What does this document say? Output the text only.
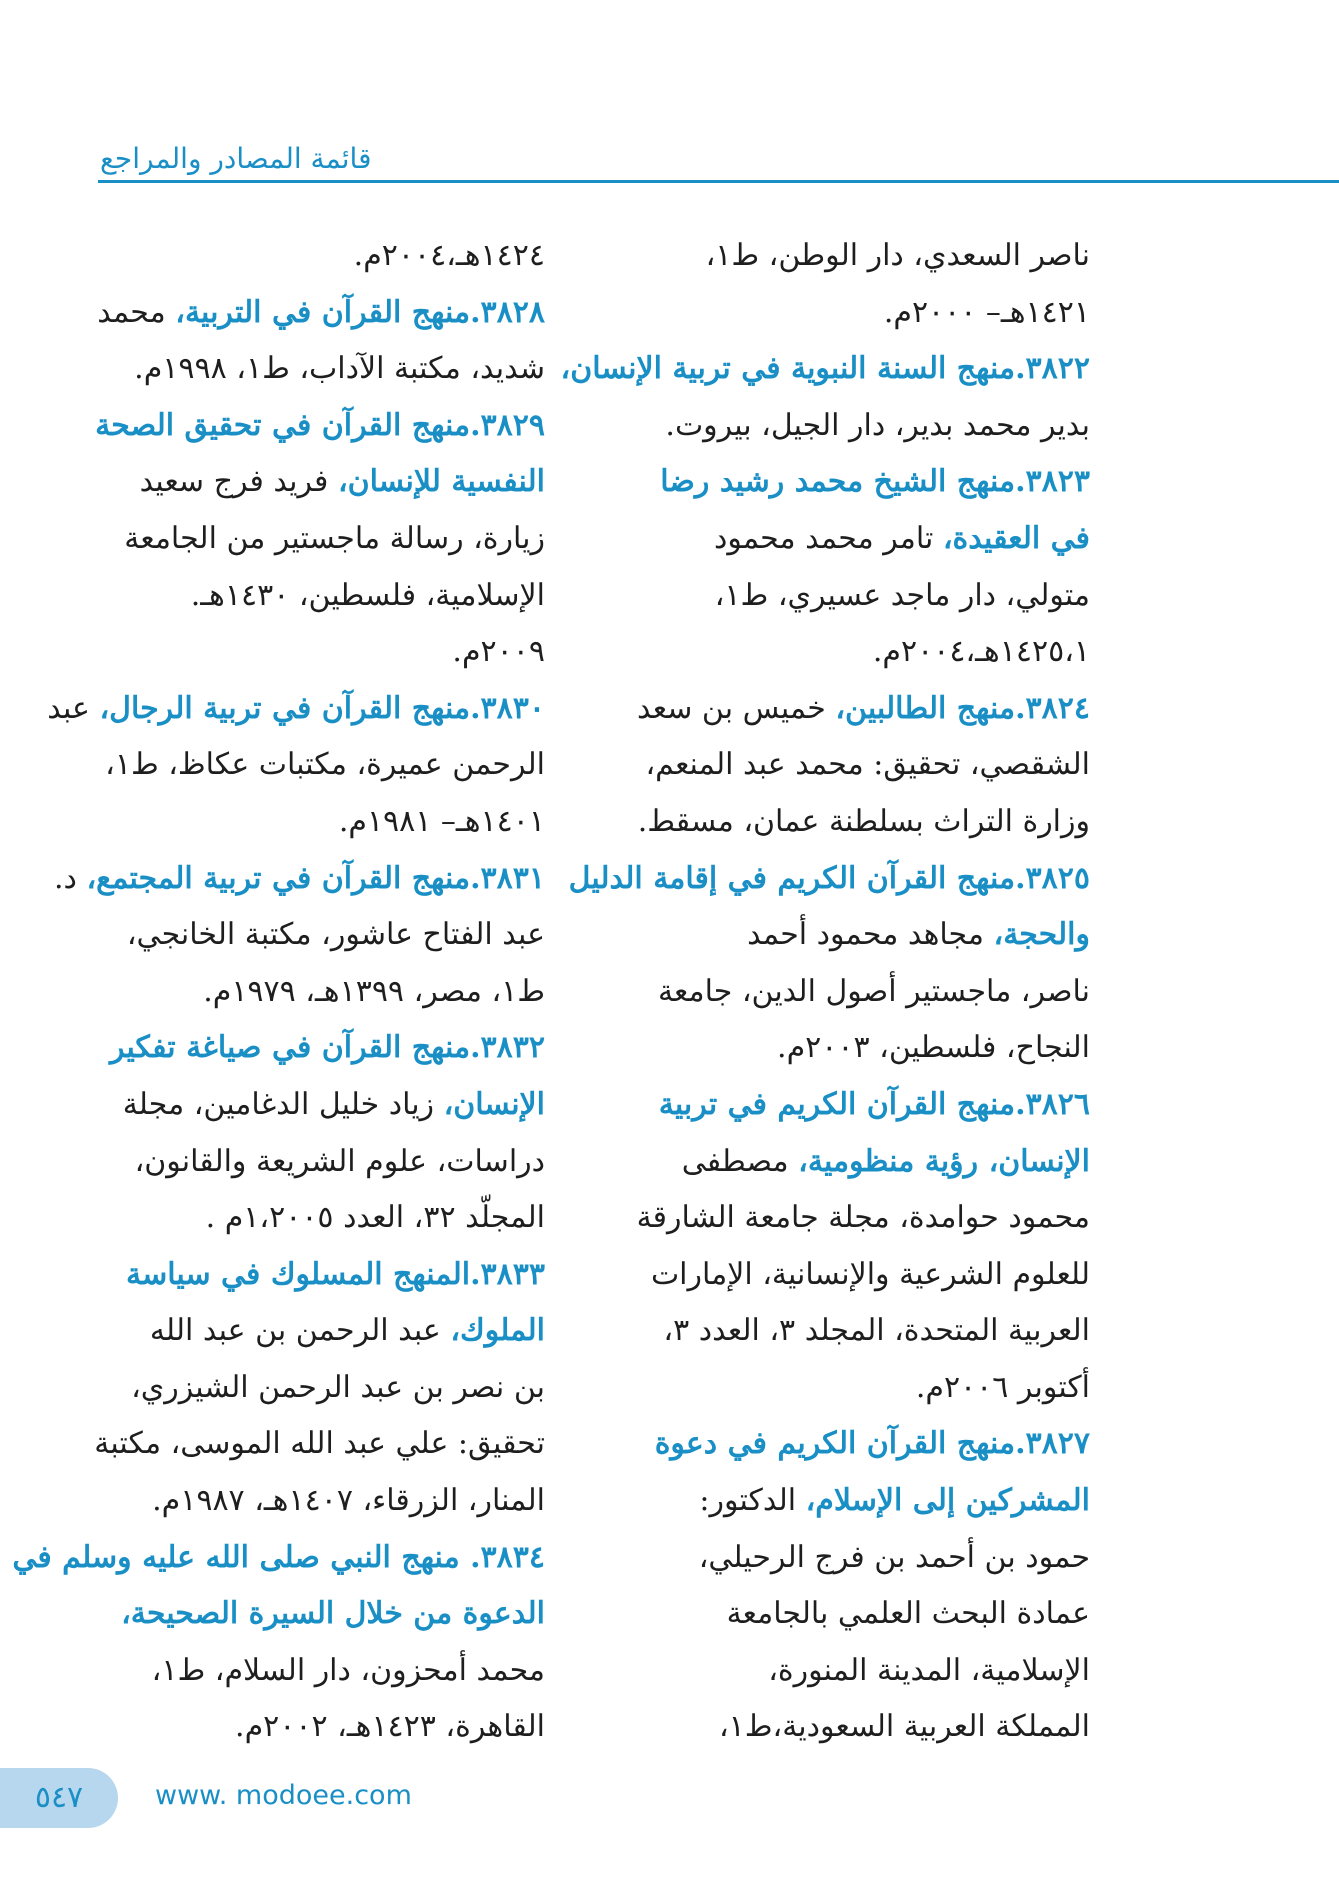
قائمة المصادر والمراجع
ناصر السعدي، دار الوطن، ط١،
١٤٢١هـ– ٢٠٠٠م.
٣٨٢٢.منهج السنة النبوية في تربية الإنسان،
بدير محمد بدير، دار الجيل، بيروت.
٣٨٢٣.منهج الشيخ محمد رشيد رضا
في العقيدة، تامر محمد محمود
متولي، دار ماجد عسيري، ط١،
١٤٢٥،١هـ،٢٠٠٤م.
٣٨٢٤.منهج الطالبين، خميس بن سعد
الشقصي، تحقيق: محمد عبد المنعم،
وزارة التراث بسلطنة عمان، مسقط.
٣٨٢٥.منهج القرآن الكريم في إقامة الدليل
والحجة، مجاهد محمود أحمد
ناصر، ماجستير أصول الدين، جامعة
النجاح، فلسطين، ٢٠٠٣م.
٣٨٢٦.منهج القرآن الكريم في تربية
الإنسان، رؤية منظومية، مصطفى
محمود حوامدة، مجلة جامعة الشارقة
للعلوم الشرعية والإنسانية، الإمارات
العربية المتحدة، المجلد ٣، العدد ٣،
أكتوبر ٢٠٠٦م.
٣٨٢٧.منهج القرآن الكريم في دعوة
المشركين إلى الإسلام، الدكتور:
حمود بن أحمد بن فرج الرحيلي،
عمادة البحث العلمي بالجامعة
الإسلامية، المدينة المنورة،
المملكة العربية السعودية،ط١،
١٤٢٤هـ،٢٠٠٤م.
٣٨٢٨.منهج القرآن في التربية، محمد
شديد، مكتبة الآداب، ط١، ١٩٩٨م.
٣٨٢٩.منهج القرآن في تحقيق الصحة
النفسية للإنسان، فريد فرج سعيد
زيارة، رسالة ماجستير من الجامعة
الإسلامية، فلسطين، ١٤٣٠هـ.
٢٠٠٩م.
٣٨٣٠.منهج القرآن في تربية الرجال، عبد
الرحمن عميرة، مكتبات عكاظ، ط١،
١٤٠١هـ– ١٩٨١م.
٣٨٣١.منهج القرآن في تربية المجتمع، د.
عبد الفتاح عاشور، مكتبة الخانجي،
ط١، مصر، ١٣٩٩هـ، ١٩٧٩م.
٣٨٣٢.منهج القرآن في صياغة تفكير
الإنسان، زياد خليل الدغامين، مجلة
دراسات، علوم الشريعة والقانون،
المجلّد ٣٢، العدد ١،٢٠٠٥م .
٣٨٣٣.المنهج المسلوك في سياسة
الملوك، عبد الرحمن بن عبد الله
بن نصر بن عبد الرحمن الشيزري،
تحقيق: علي عبد الله الموسى، مكتبة
المنار، الزرقاء، ١٤٠٧هـ، ١٩٨٧م.
٣٨٣٤. منهج النبي صلى الله عليه وسلم في
الدعوة من خلال السيرة الصحيحة،
محمد أمحزون، دار السلام، ط١،
القاهرة، ١٤٢٣هـ، ٢٠٠٢م.
٥٤٧	www. modoee.com
